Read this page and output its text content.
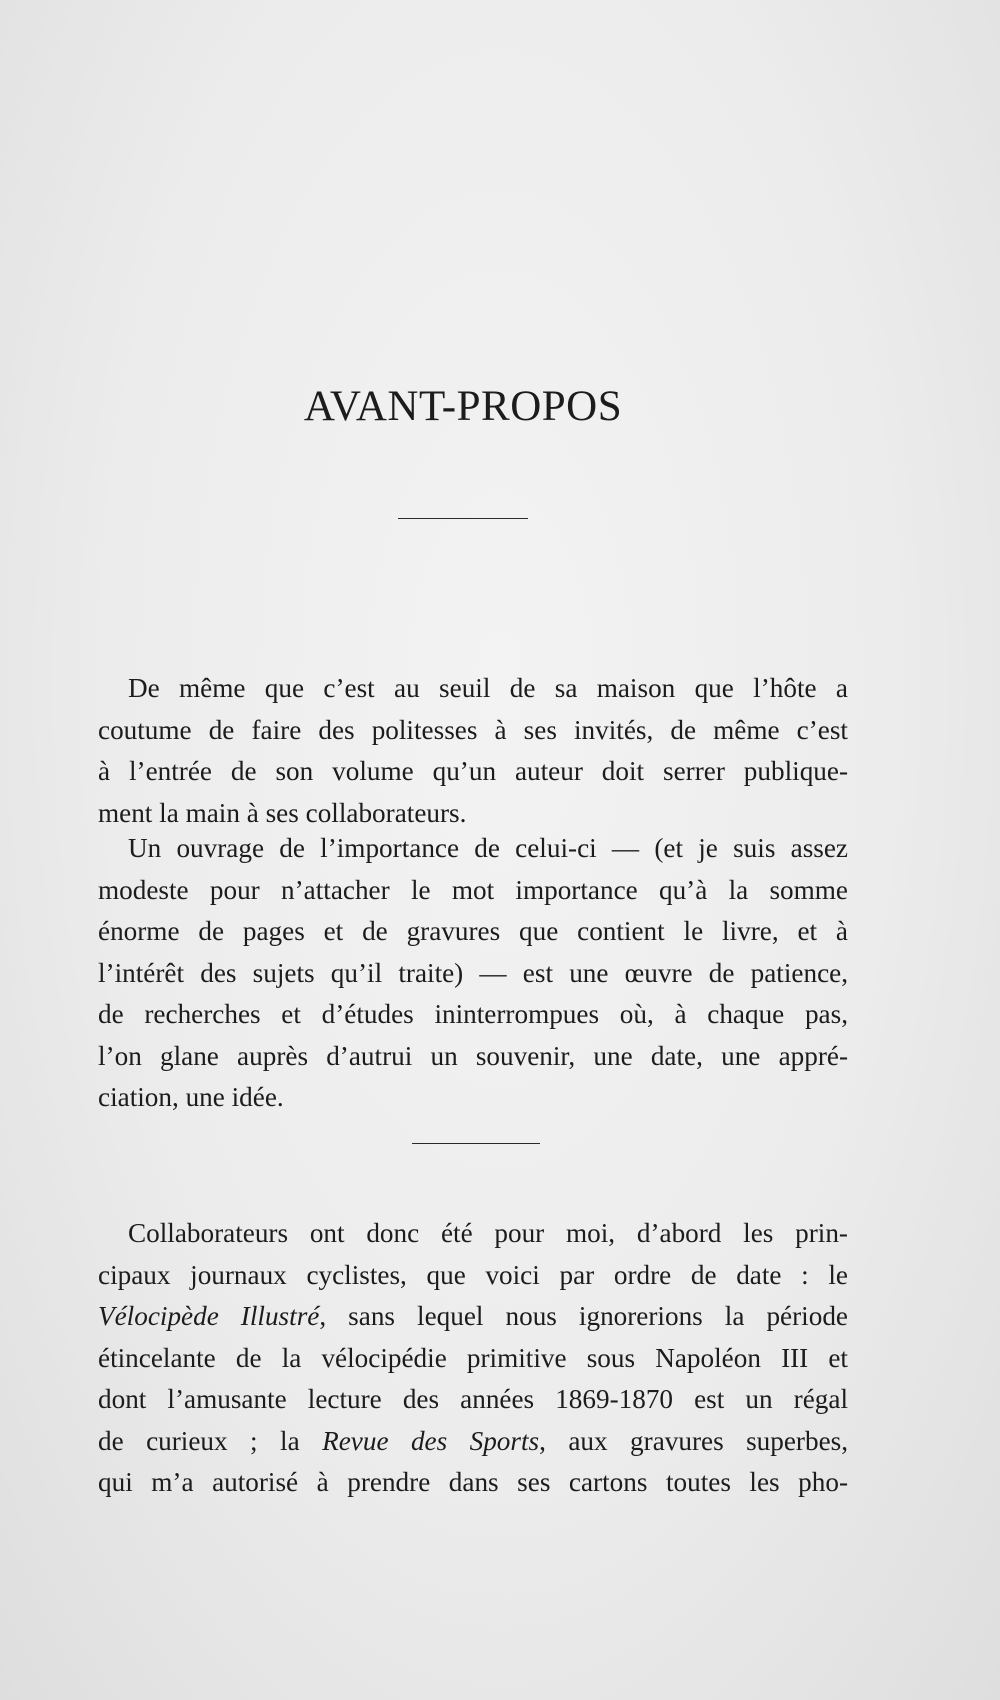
AVANT-PROPOS

De même que c’est au seuil de sa maison que l’hôte a
coutume de faire des politesses à ses invités, de même c’est
à l’entrée de son volume qu’un auteur doit serrer publique-
ment la main à ses collaborateurs.

Un ouvrage de l’importance de celui-ci — (et je suis assez
modeste pour n’attacher le mot importance qu’à la somme
énorme de pages et de gravures que contient le livre, et à
l’intérêt des sujets qu’il traite) — est une œuvre de patience,
de recherches et d’études ininterrompues où, à chaque pas,
l’on glane auprès d’autrui un souvenir, une date, une appré-
ciation, une idée.

Collaborateurs ont donc été pour moi, d’abord les prin-
cipaux journaux cyclistes, que voici par ordre de date : le
Vélocipède Illustré, sans lequel nous ignorerions la période
étincelante de la vélocipédie primitive sous Napoléon III et
dont l’amusante lecture des années 1869-1870 est un régal
de curieux ; la Revue des Sports, aux gravures superbes,
qui m’a autorisé à prendre dans ses cartons toutes les pho-
